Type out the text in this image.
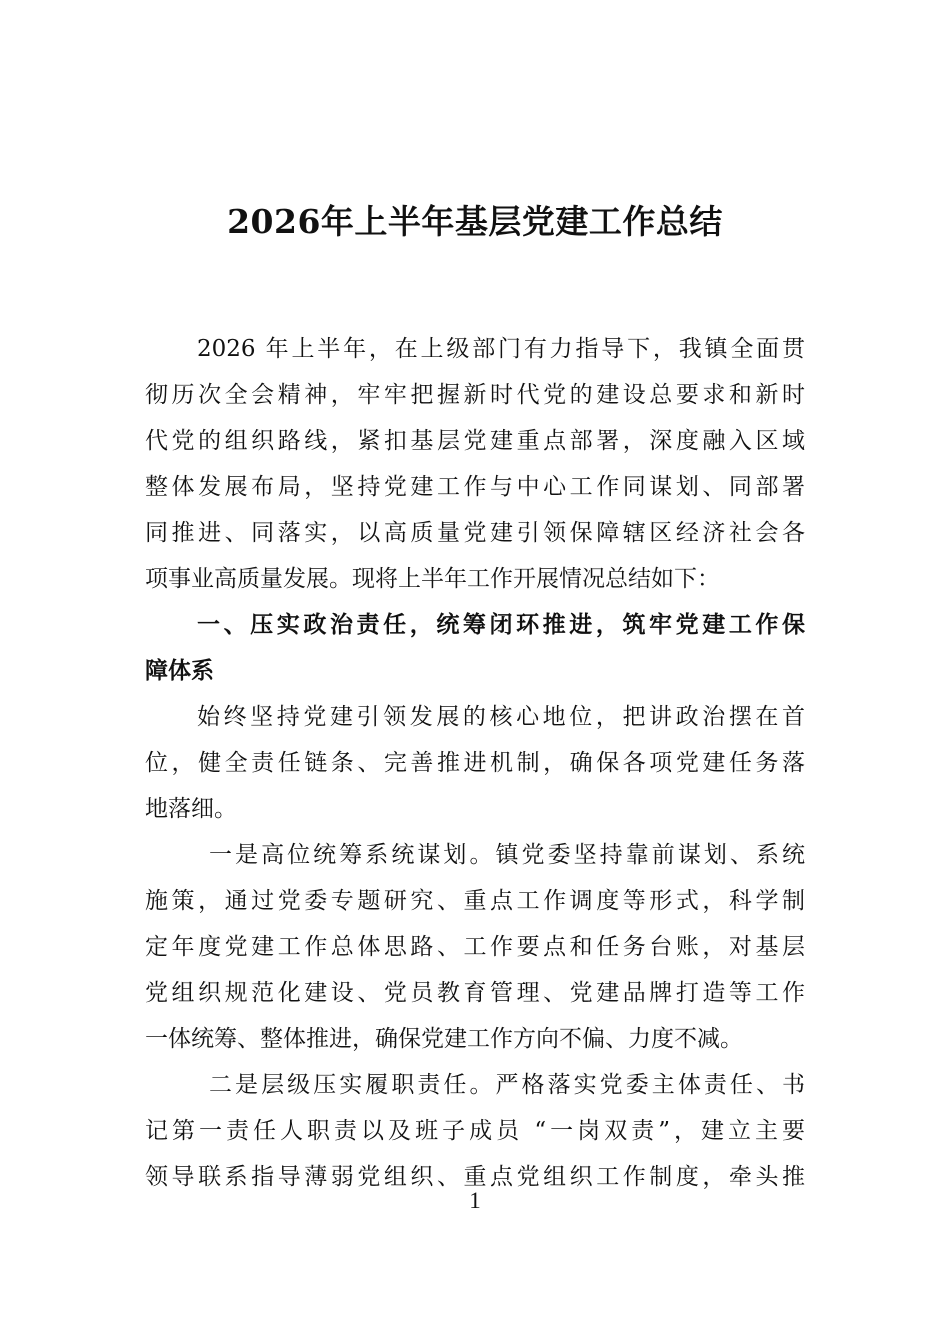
2026年上半年基层党建工作总结
2026 年上半年，在上级部门有力指导下，我镇全面贯
彻历次全会精神，牢牢把握新时代党的建设总要求和新时
代党的组织路线，紧扣基层党建重点部署，深度融入区域
整体发展布局，坚持党建工作与中心工作同谋划、同部署
同推进、同落实，以高质量党建引领保障辖区经济社会各
项事业高质量发展。现将上半年工作开展情况总结如下：
一、压实政治责任，统筹闭环推进，筑牢党建工作保
障体系
始终坚持党建引领发展的核心地位，把讲政治摆在首
位，健全责任链条、完善推进机制，确保各项党建任务落
地落细。
一是高位统筹系统谋划。镇党委坚持靠前谋划、系统
施策，通过党委专题研究、重点工作调度等形式，科学制
定年度党建工作总体思路、工作要点和任务台账，对基层
党组织规范化建设、党员教育管理、党建品牌打造等工作
一体统筹、整体推进，确保党建工作方向不偏、力度不减。
二是层级压实履职责任。严格落实党委主体责任、书
记第一责任人职责以及班子成员 “一岗双责”，建立主要
领导联系指导薄弱党组织、重点党组织工作制度，牵头推
1
